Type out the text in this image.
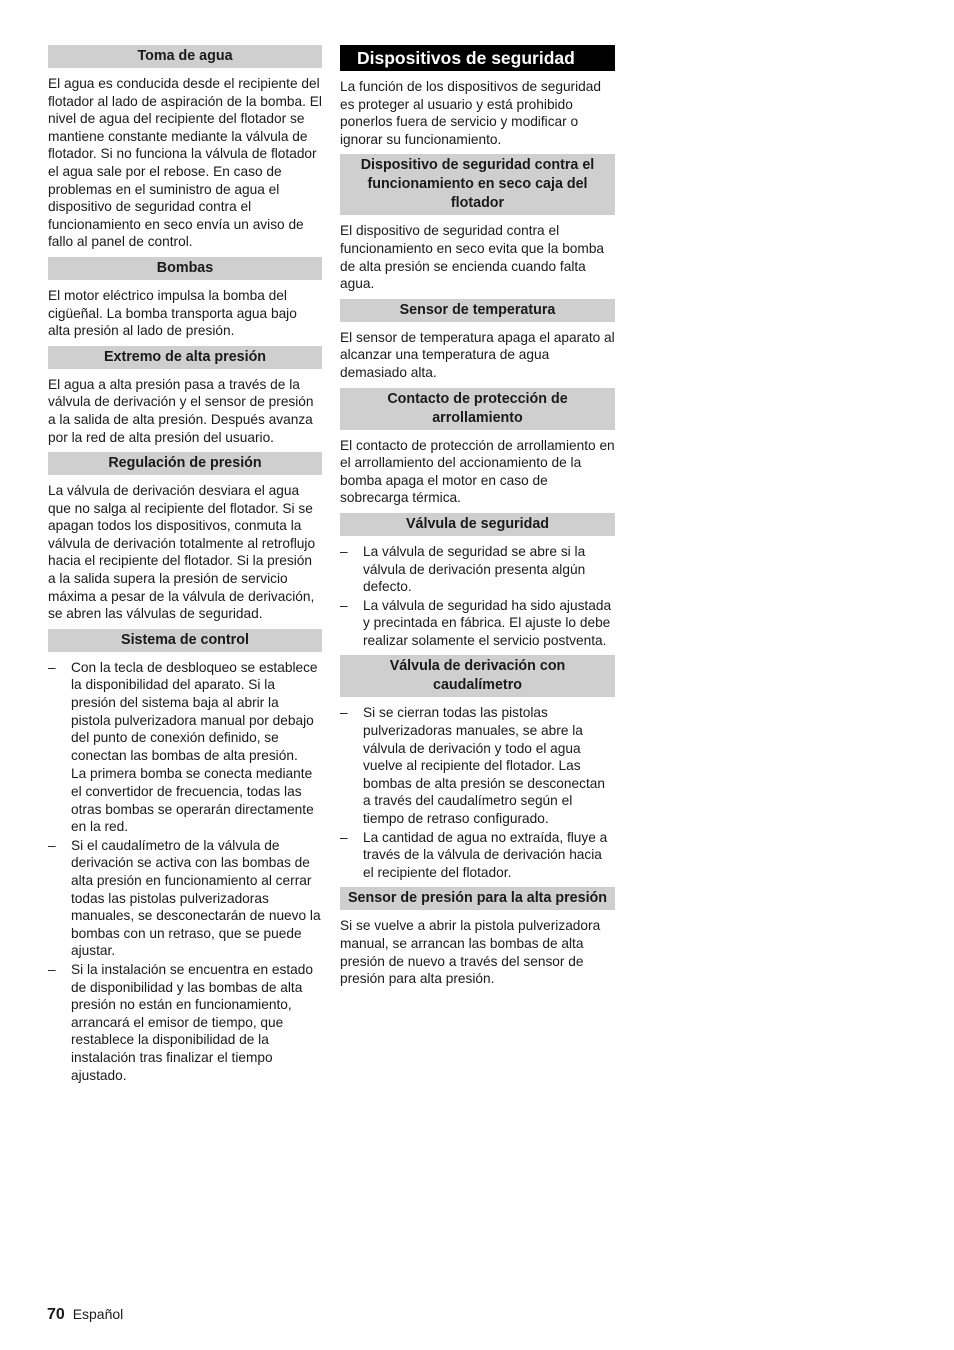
Toma de agua

El agua es conducida desde el recipiente del flotador al lado de aspiración de la bomba. El nivel de agua del recipiente del flotador se mantiene constante mediante la válvula de flotador. Si no funciona la válvula de flotador el agua sale por el rebose. En caso de problemas en el suministro de agua el dispositivo de seguridad contra el funcionamiento en seco envía un aviso de fallo al panel de control.

Bombas

El motor eléctrico impulsa la bomba del cigüeñal. La bomba transporta agua bajo alta presión al lado de presión.

Extremo de alta presión

El agua a alta presión pasa a través de la válvula de derivación y el sensor de presión a la salida de alta presión. Después avanza por la red de alta presión del usuario.

Regulación de presión

La válvula de derivación desviara el agua que no salga al recipiente del flotador. Si se apagan todos los dispositivos, conmuta la válvula de derivación totalmente al retroflujo hacia el recipiente del flotador. Si la presión a la salida supera la presión de servicio máxima a pesar de la válvula de derivación, se abren las válvulas de seguridad.

Sistema de control
– Con la tecla de desbloqueo se establece la disponibilidad del aparato. Si la presión del sistema baja al abrir la pistola pulverizadora manual por debajo del punto de conexión definido, se conectan las bombas de alta presión.

La primera bomba se conecta mediante el convertidor de frecuencia, todas las otras bombas se operarán directamente en la red.

– Si el caudalímetro de la válvula de derivación se activa con las bombas de alta presión en funcionamiento al cerrar todas las pistolas pulverizadoras manuales, se desconectarán de nuevo la bombas con un retraso, que se puede ajustar.

– Si la instalación se encuentra en estado de disponibilidad y las bombas de alta presión no están en funcionamiento, arrancará el emisor de tiempo, que restablece la disponibilidad de la instalación tras finalizar el tiempo ajustado.

Dispositivos de seguridad

La función de los dispositivos de seguridad es proteger al usuario y está prohibido ponerlos fuera de servicio y modificar o ignorar su funcionamiento.

Dispositivo de seguridad contra el funcionamiento en seco caja del flotador

El dispositivo de seguridad contra el funcionamiento en seco evita que la bomba de alta presión se encienda cuando falta agua.

Sensor de temperatura

El sensor de temperatura apaga el aparato al alcanzar una temperatura de agua demasiado alta.

Contacto de protección de arrollamiento

El contacto de protección de arrollamiento en el arrollamiento del accionamiento de la bomba apaga el motor en caso de sobrecarga térmica.

Válvula de seguridad
– La válvula de seguridad se abre si la válvula de derivación presenta algún defecto.

– La válvula de seguridad ha sido ajustada y precintada en fábrica. El ajuste lo debe realizar solamente el servicio postventa.

Válvula de derivación con caudalímetro
– Si se cierran todas las pistolas pulverizadoras manuales, se abre la válvula de derivación y todo el agua vuelve al recipiente del flotador. Las bombas de alta presión se desconectan a través del caudalímetro según el tiempo de retraso configurado.

– La cantidad de agua no extraída, fluye a través de la válvula de derivación hacia el recipiente del flotador.

Sensor de presión para la alta presión

Si se vuelve a abrir la pistola pulverizadora manual, se arrancan las bombas de alta presión de nuevo a través del sensor de presión para alta presión.

70 Español
